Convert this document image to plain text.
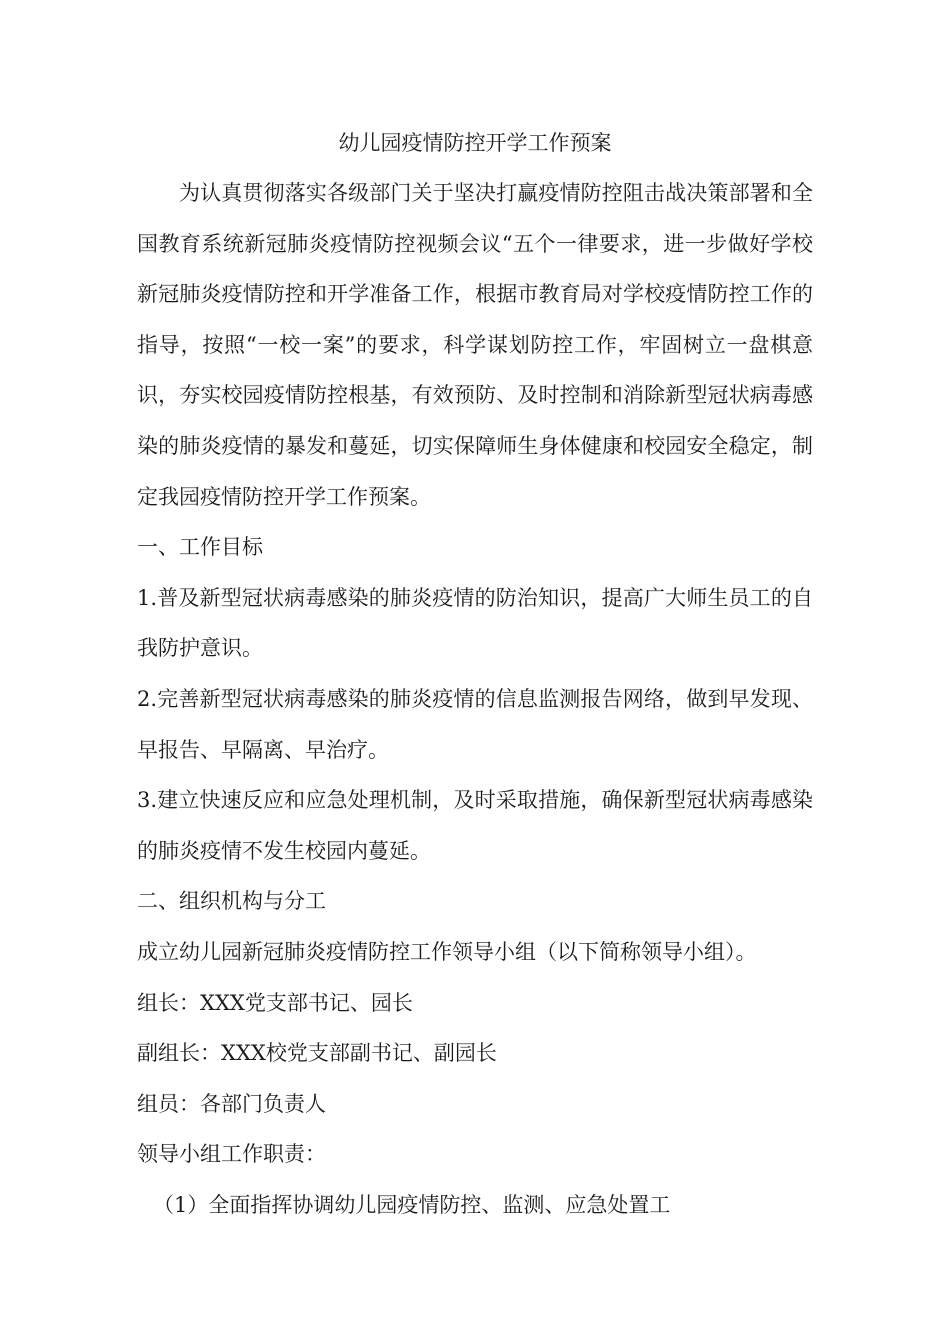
幼儿园疫情防控开学工作预案

为认真贯彻落实各级部门关于坚决打赢疫情防控阻击战决策部署和全国教育系统新冠肺炎疫情防控视频会议“五个一律要求，进一步做好学校新冠肺炎疫情防控和开学准备工作，根据市教育局对学校疫情防控工作的指导，按照“一校一案”的要求，科学谋划防控工作，牢固树立一盘棋意识，夯实校园疫情防控根基，有效预防、及时控制和消除新型冠状病毒感染的肺炎疫情的暴发和蔓延，切实保障师生身体健康和校园安全稳定，制定我园疫情防控开学工作预案。

一、工作目标

1.普及新型冠状病毒感染的肺炎疫情的防治知识，提高广大师生员工的自我防护意识。

2.完善新型冠状病毒感染的肺炎疫情的信息监测报告网络，做到早发现、早报告、早隔离、早治疗。

3.建立快速反应和应急处理机制，及时采取措施，确保新型冠状病毒感染的肺炎疫情不发生校园内蔓延。

二、组织机构与分工

成立幼儿园新冠肺炎疫情防控工作领导小组（以下简称领导小组）。

组长：XXX党支部书记、园长

副组长：XXX校党支部副书记、副园长

组员：各部门负责人

领导小组工作职责：

（1）全面指挥协调幼儿园疫情防控、监测、应急处置工
